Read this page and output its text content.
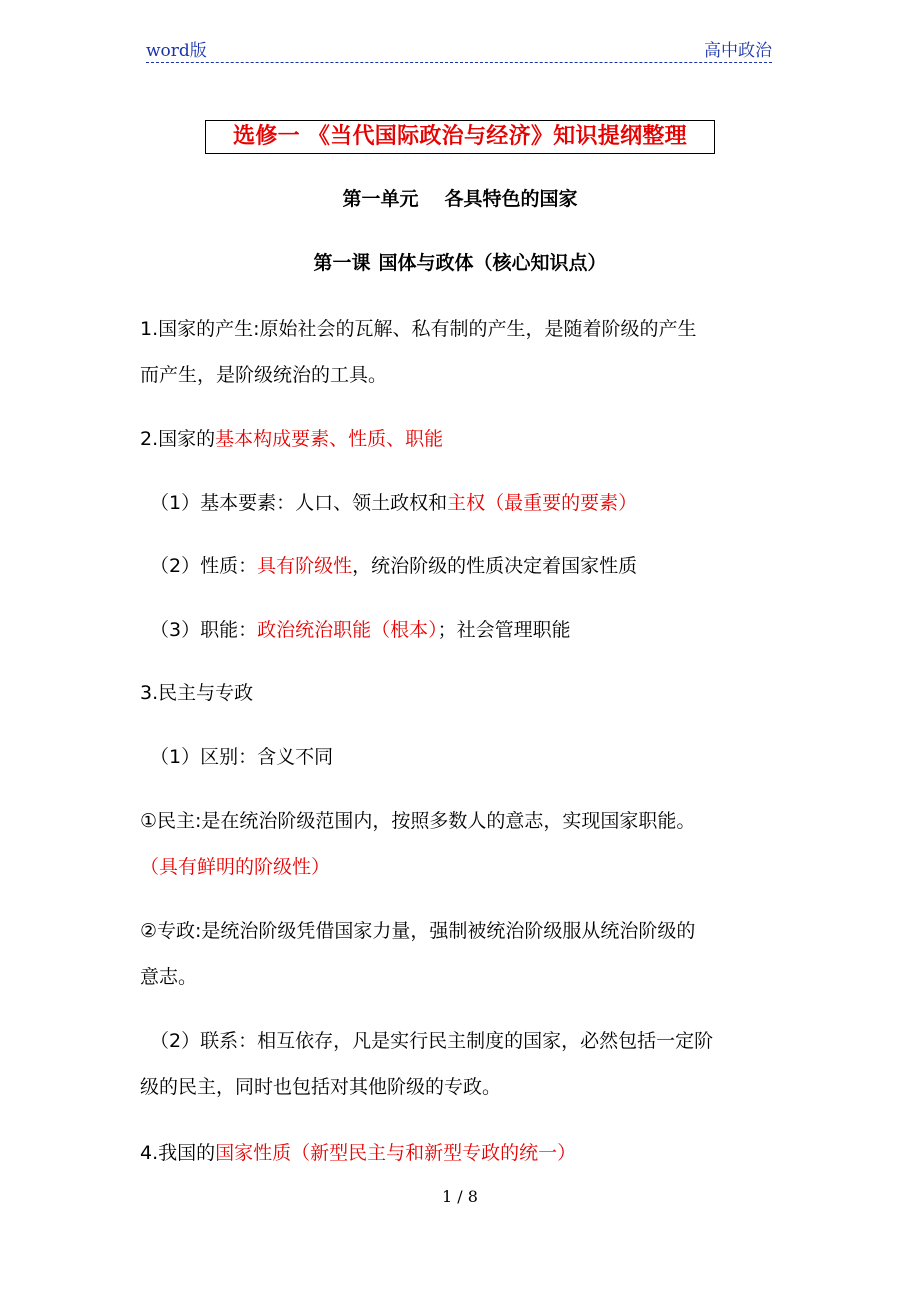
word版	高中政治
选修一 《当代国际政治与经济》知识提纲整理
第一单元 各具特色的国家
第一课 国体与政体（核心知识点）
1.国家的产生:原始社会的瓦解、私有制的产生，是随着阶级的产生
而产生，是阶级统治的工具。
2.国家的基本构成要素、性质、职能
（1）基本要素：人口、领土政权和主权（最重要的要素）
（2）性质：具有阶级性，统治阶级的性质决定着国家性质
（3）职能：政治统治职能（根本）；社会管理职能
3.民主与专政
（1）区别：含义不同
①民主:是在统治阶级范围内，按照多数人的意志，实现国家职能。
（具有鲜明的阶级性）
②专政:是统治阶级凭借国家力量，强制被统治阶级服从统治阶级的
意志。
（2）联系：相互依存，凡是实行民主制度的国家，必然包括一定阶
级的民主，同时也包括对其他阶级的专政。
4.我国的国家性质（新型民主与和新型专政的统一）
1 / 8
